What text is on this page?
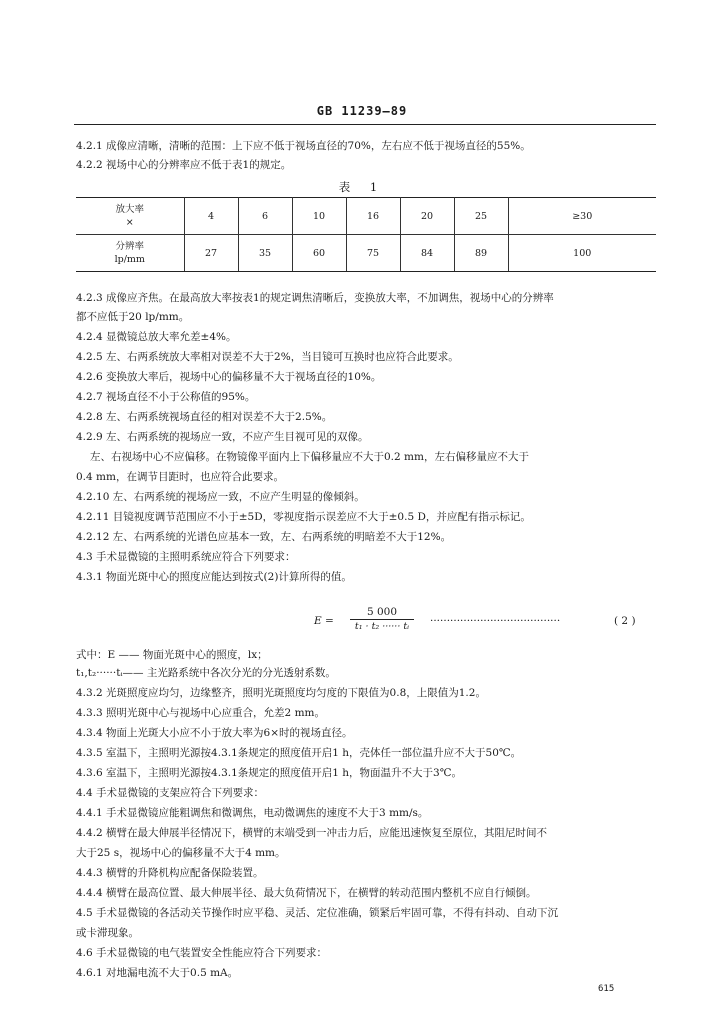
GB 11239—89
4.2.1 成像应清晰，清晰的范围：上下应不低于视场直径的70%，左右应不低于视场直径的55%。
4.2.2 视场中心的分辨率应不低于表1的规定。
表 1
放大率
×	4	6	10	16	20	25	≥30
分辨率
lp/mm	27	35	60	75	84	89	100
4.2.3 成像应齐焦。在最高放大率按表1的规定调焦清晰后，变换放大率，不加调焦，视场中心的分辨率
都不应低于20 lp/mm。
4.2.4 显微镜总放大率允差±4%。
4.2.5 左、右两系统放大率相对误差不大于2%，当目镜可互换时也应符合此要求。
4.2.6 变换放大率后，视场中心的偏移量不大于视场直径的10%。
4.2.7 视场直径不小于公称值的95%。
4.2.8 左、右两系统视场直径的相对误差不大于2.5%。
4.2.9 左、右两系统的视场应一致，不应产生目视可见的双像。
左、右视场中心不应偏移。在物镜像平面内上下偏移量应不大于0.2 mm，左右偏移量应不大于
0.4 mm，在调节目距时，也应符合此要求。
4.2.10 左、右两系统的视场应一致，不应产生明显的像倾斜。
4.2.11 目镜视度调节范围应不小于±5D，零视度指示误差应不大于±0.5 D，并应配有指示标记。
4.2.12 左、右两系统的光谱色应基本一致，左、右两系统的明暗差不大于12%。
4.3 手术显微镜的主照明系统应符合下列要求：
4.3.1 物面光斑中心的照度应能达到按式(2)计算所得的值。
$E = \frac{5 000}{\text{t₁ · t₂ ······ tᵢ}}$ ·······································	( 2 )
式中：E —— 物面光斑中心的照度，lx；
t₁,t₂······tᵢ—— 主光路系统中各次分光的分光透射系数。
4.3.2 光斑照度应均匀，边缘整齐，照明光斑照度均匀度的下限值为0.8，上限值为1.2。
4.3.3 照明光斑中心与视场中心应重合，允差2 mm。
4.3.4 物面上光斑大小应不小于放大率为6×时的视场直径。
4.3.5 室温下，主照明光源按4.3.1条规定的照度值开启1 h，壳体任一部位温升应不大于50℃。
4.3.6 室温下，主照明光源按4.3.1条规定的照度值开启1 h，物面温升不大于3℃。
4.4 手术显微镜的支架应符合下列要求：
4.4.1 手术显微镜应能粗调焦和微调焦，电动微调焦的速度不大于3 mm/s。
4.4.2 横臂在最大伸展半径情况下，横臂的末端受到一冲击力后，应能迅速恢复至原位，其阻尼时间不
大于25 s，视场中心的偏移量不大于4 mm。
4.4.3 横臂的升降机构应配备保险装置。
4.4.4 横臂在最高位置、最大伸展半径、最大负荷情况下，在横臂的转动范围内整机不应自行倾倒。
4.5 手术显微镜的各活动关节操作时应平稳、灵活、定位准确，锁紧后牢固可靠，不得有抖动、自动下沉
或卡滞现象。
4.6 手术显微镜的电气装置安全性能应符合下列要求：
4.6.1 对地漏电流不大于0.5 mA。
615
